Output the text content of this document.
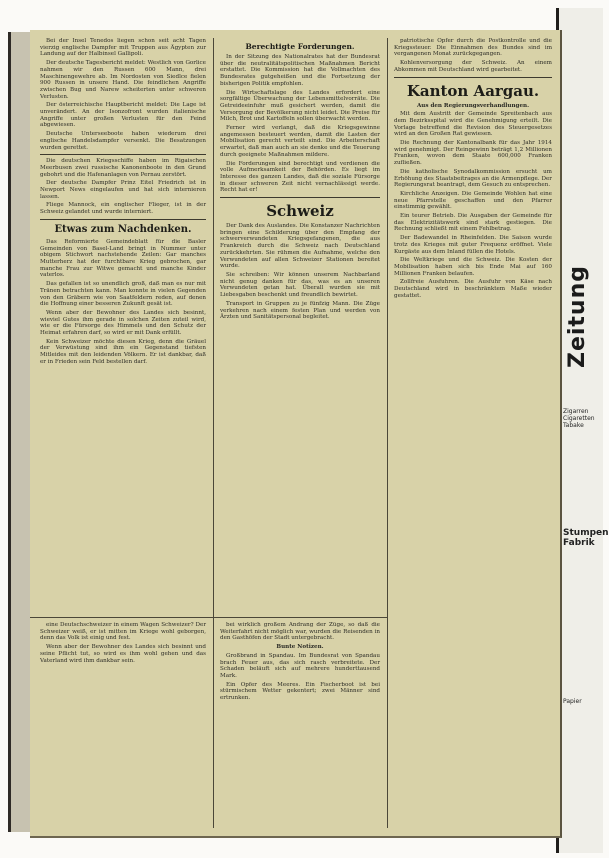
Zeitung
Zigarren Cigaretten Tabake
Stumpen Fabrik
Papier

Bei der Insel Tenedos liegen schon seit acht Tagen vierzig englische Dampfer mit Truppen aus Ägypten zur Landung auf der Halbinsel Gallipoli.

Der deutsche Tagesbericht meldet: Westlich von Gorlice nahmen wir den Russen 600 Mann, drei Maschinengewehre ab. Im Nordosten von Siedlce fielen 900 Russen in unsere Hand. Die feindlichen Angriffe zwischen Bug und Narew scheiterten unter schweren Verlusten.

Der österreichische Hauptbericht meldet: Die Lage ist unverändert. An der Isonzofront wurden italienische Angriffe unter großen Verlusten für den Feind abgewiesen.

Deutsche Unterseeboote haben wiederum drei englische Handelsdampfer versenkt. Die Besatzungen wurden gerettet.

Die deutschen Kriegsschiffe haben im Rigaischen Meerbusen zwei russische Kanonenboote in den Grund gebohrt und die Hafenanlagen von Pernau zerstört.

Der deutsche Dampfer Prinz Eitel Friedrich ist in Newport News eingelaufen und hat sich internieren lassen.

Fliege Mannock, ein englischer Flieger, ist in der Schweiz gelandet und wurde interniert.

Etwas zum Nachdenken.

Das Reformierte Gemeindeblatt für die Basler Gemeinden von Basel-Land bringt in Nummer unter obigem Stichwort nachstehende Zeilen: Gar manches Mutterherz hat der furchtbare Krieg gebrochen, gar manche Frau zur Witwe gemacht und manche Kinder vaterlos.

Das gefallen ist so unendlich groß, daß man es nur mit Tränen betrachten kann. Man konnte in vielen Gegenden von den Gräbern wie von Saatfeldern reden, auf denen die Hoffnung einer besseren Zukunft gesät ist.

Wenn aber der Bewohner des Landes sich besinnt, wieviel Gutes ihm gerade in solchen Zeiten zuteil wird, wie er die Fürsorge des Himmels und den Schutz der Heimat erfahren darf, so wird er mit Dank erfüllt.

Kein Schweizer möchte diesen Krieg, denn die Gräuel der Verwüstung sind ihm ein Gegenstand tiefsten Mitleides mit den leidenden Völkern. Er ist dankbar, daß er in Frieden sein Feld bestellen darf.

eine Deutschschweizer in einem Wagen Schweizer? Der Schweizer weiß, er ist mitten im Kriege wohl geborgen, denn das Volk ist einig und fest.

Wenn aber der Bewohner des Landes sich besinnt und seine Pflicht tut, so wird es ihm wohl gehen und das Vaterland wird ihm dankbar sein.

Berechtigte Forderungen.

In der Sitzung des Nationalrates hat der Bundesrat über die neutralitätspolitischen Maßnahmen Bericht erstattet. Die Kommission hat die Vollmachten des Bundesrates gutgeheißen und die Fortsetzung der bisherigen Politik empfohlen.

Die Wirtschaftslage des Landes erfordert eine sorgfältige Überwachung der Lebensmittelvorräte. Die Getreideeinfuhr muß gesichert werden, damit die Versorgung der Bevölkerung nicht leidet. Die Preise für Milch, Brot und Kartoffeln sollen überwacht werden.

Ferner wird verlangt, daß die Kriegsgewinne angemessen besteuert werden, damit die Lasten der Mobilisation gerecht verteilt sind. Die Arbeiterschaft erwartet, daß man auch an sie denke und die Teuerung durch geeignete Maßnahmen mildere.

Die Forderungen sind berechtigt und verdienen die volle Aufmerksamkeit der Behörden. Es liegt im Interesse des ganzen Landes, daß die soziale Fürsorge in dieser schweren Zeit nicht vernachlässigt werde. Recht hat er!

Schweiz

Der Dank des Auslandes. Die Konstanzer Nachrichten bringen eine Schilderung über den Empfang der schwerverwundeten Kriegsgefangenen, die aus Frankreich durch die Schweiz nach Deutschland zurückkehrten. Sie rühmen die Aufnahme, welche den Verwundeten auf allen Schweizer Stationen bereitet wurde.

Sie schreiben: Wir können unserem Nachbarland nicht genug danken für das, was es an unseren Verwundeten getan hat. Überall wurden sie mit Liebesgaben beschenkt und freundlich bewirtet.

Transport in Gruppen zu je fünfzig Mann. Die Züge verkehren nach einem festen Plan und werden von Ärzten und Sanitätspersonal begleitet.

bei wirklich großem Andrang der Züge, so daß die Weiterfahrt nicht möglich war, wurden die Reisenden in den Gasthöfen der Stadt untergebracht.

Bunte Notizen.

Großbrand in Spandau. Im Bundesrat von Spandau brach Feuer aus, das sich rasch verbreitete. Der Schaden beläuft sich auf mehrere hunderttausend Mark.

Ein Opfer des Meeres. Ein Fischerboot ist bei stürmischem Wetter gekentert; zwei Männer sind ertrunken.

patriotische Opfer durch die Postkontrolle und die Kriegssteuer. Die Einnahmen des Bundes sind im vergangenen Monat zurückgegangen.

Kohlenversorgung der Schweiz. An einem Abkommen mit Deutschland wird gearbeitet.

Kanton Aargau.
Aus den Regierungsverhandlungen.

Mit dem Austritt der Gemeinde Spreitenbach aus dem Bezirksspital wird die Genehmigung erteilt. Die Vorlage betreffend die Revision des Steuergesetzes wird an den Großen Rat gewiesen.

Die Rechnung der Kantonalbank für das Jahr 1914 wird genehmigt. Der Reingewinn beträgt 1,2 Millionen Franken, wovon dem Staate 600,000 Franken zufließen.

Die katholische Synodalkommission ersucht um Erhöhung des Staatsbeitrages an die Armenpflege. Der Regierungsrat beantragt, dem Gesuch zu entsprechen.

Kirchliche Anzeigen. Die Gemeinde Wohlen hat eine neue Pfarrstelle geschaffen und den Pfarrer einstimmig gewählt.

Ein teurer Betrieb. Die Ausgaben der Gemeinde für das Elektrizitätswerk sind stark gestiegen. Die Rechnung schließt mit einem Fehlbetrag.

Der Badewandel in Rheinfelden. Die Saison wurde trotz des Krieges mit guter Frequenz eröffnet. Viele Kurgäste aus dem Inland füllen die Hotels.

Die Weltkriege und die Schweiz. Die Kosten der Mobilisation haben sich bis Ende Mai auf 160 Millionen Franken belaufen.

Zollfreie Ausfuhren. Die Ausfuhr von Käse nach Deutschland wird in beschränktem Maße wieder gestattet.
